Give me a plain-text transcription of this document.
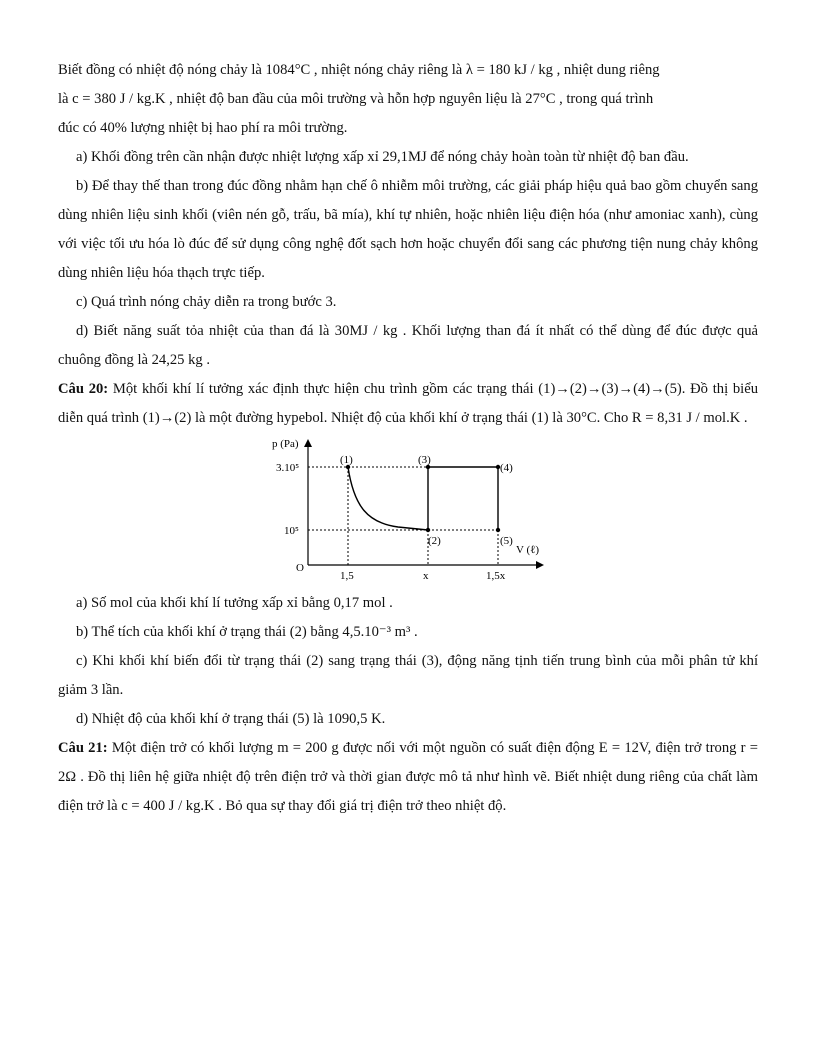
Biết đồng có nhiệt độ nóng chảy là 1084°C , nhiệt nóng chảy riêng là λ = 180 kJ / kg , nhiệt dung riêng

là c = 380 J / kg.K , nhiệt độ ban đầu của môi trường và hỗn hợp nguyên liệu là 27°C , trong quá trình

đúc có 40% lượng nhiệt bị hao phí ra môi trường.

a) Khối đồng trên cần nhận được nhiệt lượng xấp xỉ 29,1MJ để nóng chảy hoàn toàn từ nhiệt độ ban đầu.

b) Để thay thế than trong đúc đồng nhằm hạn chế ô nhiễm môi trường, các giải pháp hiệu quả bao gồm chuyển sang dùng nhiên liệu sinh khối (viên nén gỗ, trấu, bã mía), khí tự nhiên, hoặc nhiên liệu điện hóa (như amoniac xanh), cùng với việc tối ưu hóa lò đúc để sử dụng công nghệ đốt sạch hơn hoặc chuyển đổi sang các phương tiện nung chảy không dùng nhiên liệu hóa thạch trực tiếp.

c) Quá trình nóng chảy diễn ra trong bước 3.

d) Biết năng suất tỏa nhiệt của than đá là 30MJ / kg . Khối lượng than đá ít nhất có thể dùng để đúc được quả chuông đồng là 24,25 kg .

Câu 20: Một khối khí lí tưởng xác định thực hiện chu trình gồm các trạng thái (1)→(2)→(3)→(4)→(5). Đồ thị biểu diễn quá trình (1)→(2) là một đường hypebol. Nhiệt độ của khối khí ở trạng thái (1) là 30°C. Cho R = 8,31 J / mol.K .

p (Pa)
V (ℓ)
O
3.10⁵
10⁵
1,5	x	1,5x
(1)	(3)
(4)
(2)	(5)

a) Số mol của khối khí lí tưởng xấp xỉ bằng 0,17 mol .

b) Thể tích của khối khí ở trạng thái (2) bằng 4,5.10⁻³ m³ .

c) Khi khối khí biến đổi từ trạng thái (2) sang trạng thái (3), động năng tịnh tiến trung bình của mỗi phân tử khí giảm 3 lần.

d) Nhiệt độ của khối khí ở trạng thái (5) là 1090,5 K.

Câu 21: Một điện trở có khối lượng m = 200 g được nối với một nguồn có suất điện động E = 12V, điện trở trong r = 2Ω . Đồ thị liên hệ giữa nhiệt độ trên điện trở và thời gian được mô tả như hình vẽ. Biết nhiệt dung riêng của chất làm điện trở là c = 400 J / kg.K . Bỏ qua sự thay đổi giá trị điện trở theo nhiệt độ.
